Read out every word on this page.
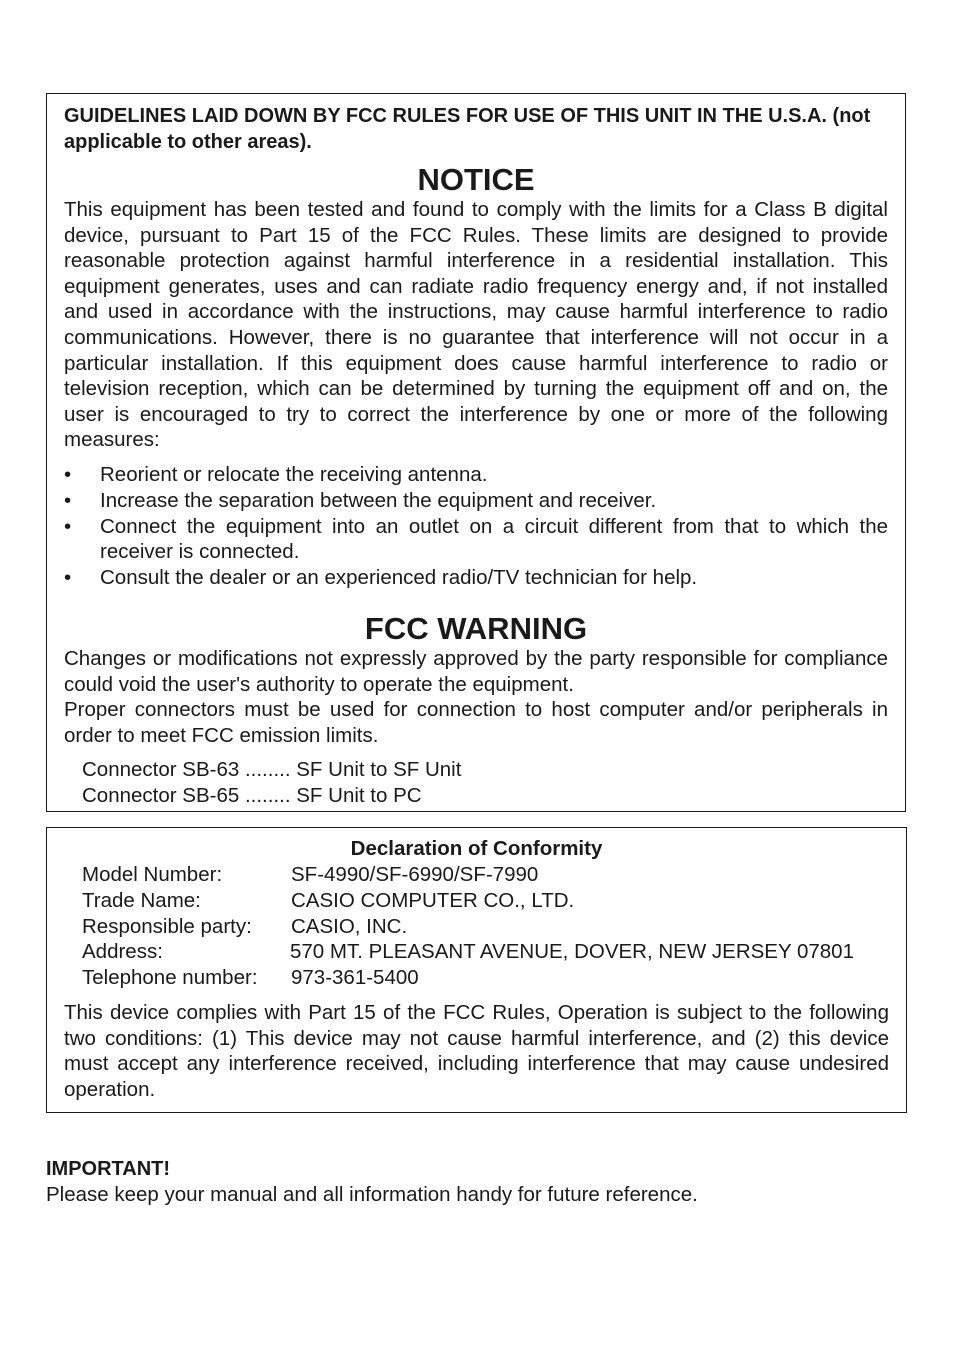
GUIDELINES LAID DOWN BY FCC RULES FOR USE OF THIS UNIT IN THE U.S.A. (not applicable to other areas).

NOTICE

This equipment has been tested and found to comply with the limits for a Class B digital device, pursuant to Part 15 of the FCC Rules. These limits are designed to provide reasonable protection against harmful interference in a residential installation. This equipment generates, uses and can radiate radio frequency energy and, if not installed and used in accordance with the instructions, may cause harmful interference to radio communications. However, there is no guarantee that interference will not occur in a particular installation. If this equipment does cause harmful interference to radio or television reception, which can be determined by turning the equipment off and on, the user is encouraged to try to correct the interference by one or more of the following measures:

• Reorient or relocate the receiving antenna.
• Increase the separation between the equipment and receiver.
• Connect the equipment into an outlet on a circuit different from that to which the receiver is connected.
• Consult the dealer or an experienced radio/TV technician for help.

FCC WARNING

Changes or modifications not expressly approved by the party responsible for compliance could void the user's authority to operate the equipment.

Proper connectors must be used for connection to host computer and/or peripherals in order to meet FCC emission limits.

Connector SB-63 ........ SF Unit to SF Unit
Connector SB-65 ........ SF Unit to PC

Declaration of Conformity

Model Number:	SF-4990/SF-6990/SF-7990
Trade Name:	CASIO COMPUTER CO., LTD.
Responsible party:	CASIO, INC.
Address:	570 MT. PLEASANT AVENUE, DOVER, NEW JERSEY 07801
Telephone number:	973-361-5400

This device complies with Part 15 of the FCC Rules, Operation is subject to the following two conditions: (1) This device may not cause harmful interference, and (2) this device must accept any interference received, including interference that may cause undesired operation.

IMPORTANT!

Please keep your manual and all information handy for future reference.
